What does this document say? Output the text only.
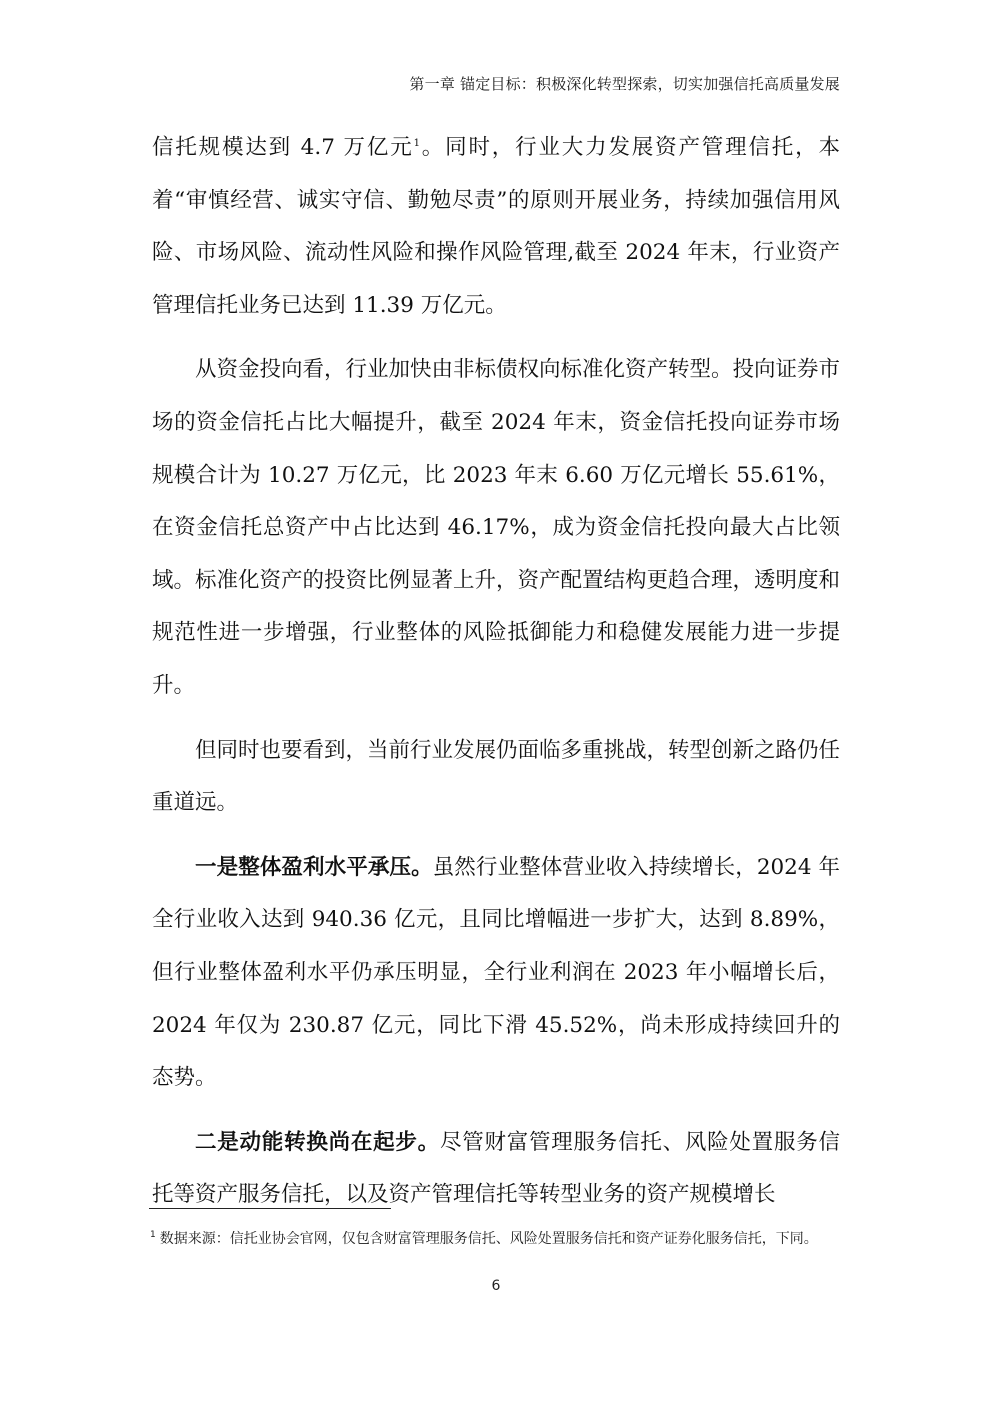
第一章 锚定目标：积极深化转型探索，切实加强信托高质量发展

信托规模达到 4.7 万亿元$^1$。同时，行业大力发展资产管理信托，本着“审慎经营、诚实守信、勤勉尽责”的原则开展业务，持续加强信用风险、市场风险、流动性风险和操作风险管理,截至 2024 年末，行业资产管理信托业务已达到 11.39 万亿元。

从资金投向看，行业加快由非标债权向标准化资产转型。投向证券市场的资金信托占比大幅提升，截至 2024 年末，资金信托投向证券市场规模合计为 10.27 万亿元，比 2023 年末 6.60 万亿元增长 55.61%，在资金信托总资产中占比达到 46.17%，成为资金信托投向最大占比领域。标准化资产的投资比例显著上升，资产配置结构更趋合理，透明度和规范性进一步增强，行业整体的风险抵御能力和稳健发展能力进一步提升。

但同时也要看到，当前行业发展仍面临多重挑战，转型创新之路仍任重道远。

一是整体盈利水平承压。虽然行业整体营业收入持续增长，2024 年全行业收入达到 940.36 亿元，且同比增幅进一步扩大，达到 8.89%，但行业整体盈利水平仍承压明显，全行业利润在 2023 年小幅增长后，2024 年仅为 230.87 亿元，同比下滑 45.52%，尚未形成持续回升的态势。

二是动能转换尚在起步。尽管财富管理服务信托、风险处置服务信托等资产服务信托，以及资产管理信托等转型业务的资产规模增长

$^1$ 数据来源：信托业协会官网，仅包含财富管理服务信托、风险处置服务信托和资产证券化服务信托，下同。
6
